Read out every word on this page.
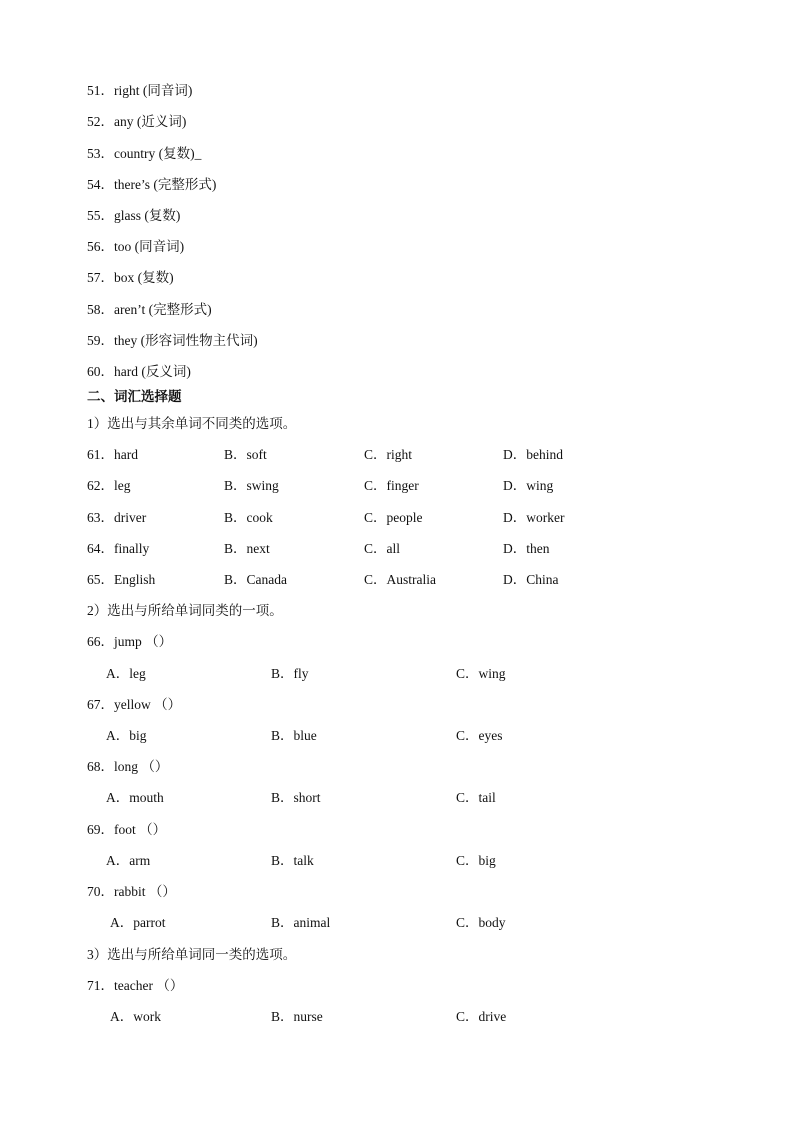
51．right (同音词)
52．any (近义词)
53．country (复数)_
54．there’s (完整形式)
55．glass (复数)
56．too (同音词)
57．box (复数)
58．aren’t (完整形式)
59．they (形容词性物主代词)
60．hard (反义词)
二、词汇选择题
1）选出与其余单词不同类的选项。
61．hard	B．soft	C．right	D．behind
62．leg	B．swing	C．finger	D．wing
63．driver	B．cook	C．people	D．worker
64．finally	B．next	C．all	D．then
65．English	B．Canada	C．Australia	D．China
2）选出与所给单词同类的一项。
66．jump （）
A．leg	B．fly	C．wing
67．yellow （）
A．big	B．blue	C．eyes
68．long （）
A．mouth	B．short	C．tail
69．foot （）
A．arm	B．talk	C．big
70．rabbit （）
A．parrot	B．animal	C．body
3）选出与所给单词同一类的选项。
71．teacher （）
A．work	B．nurse	C．drive
